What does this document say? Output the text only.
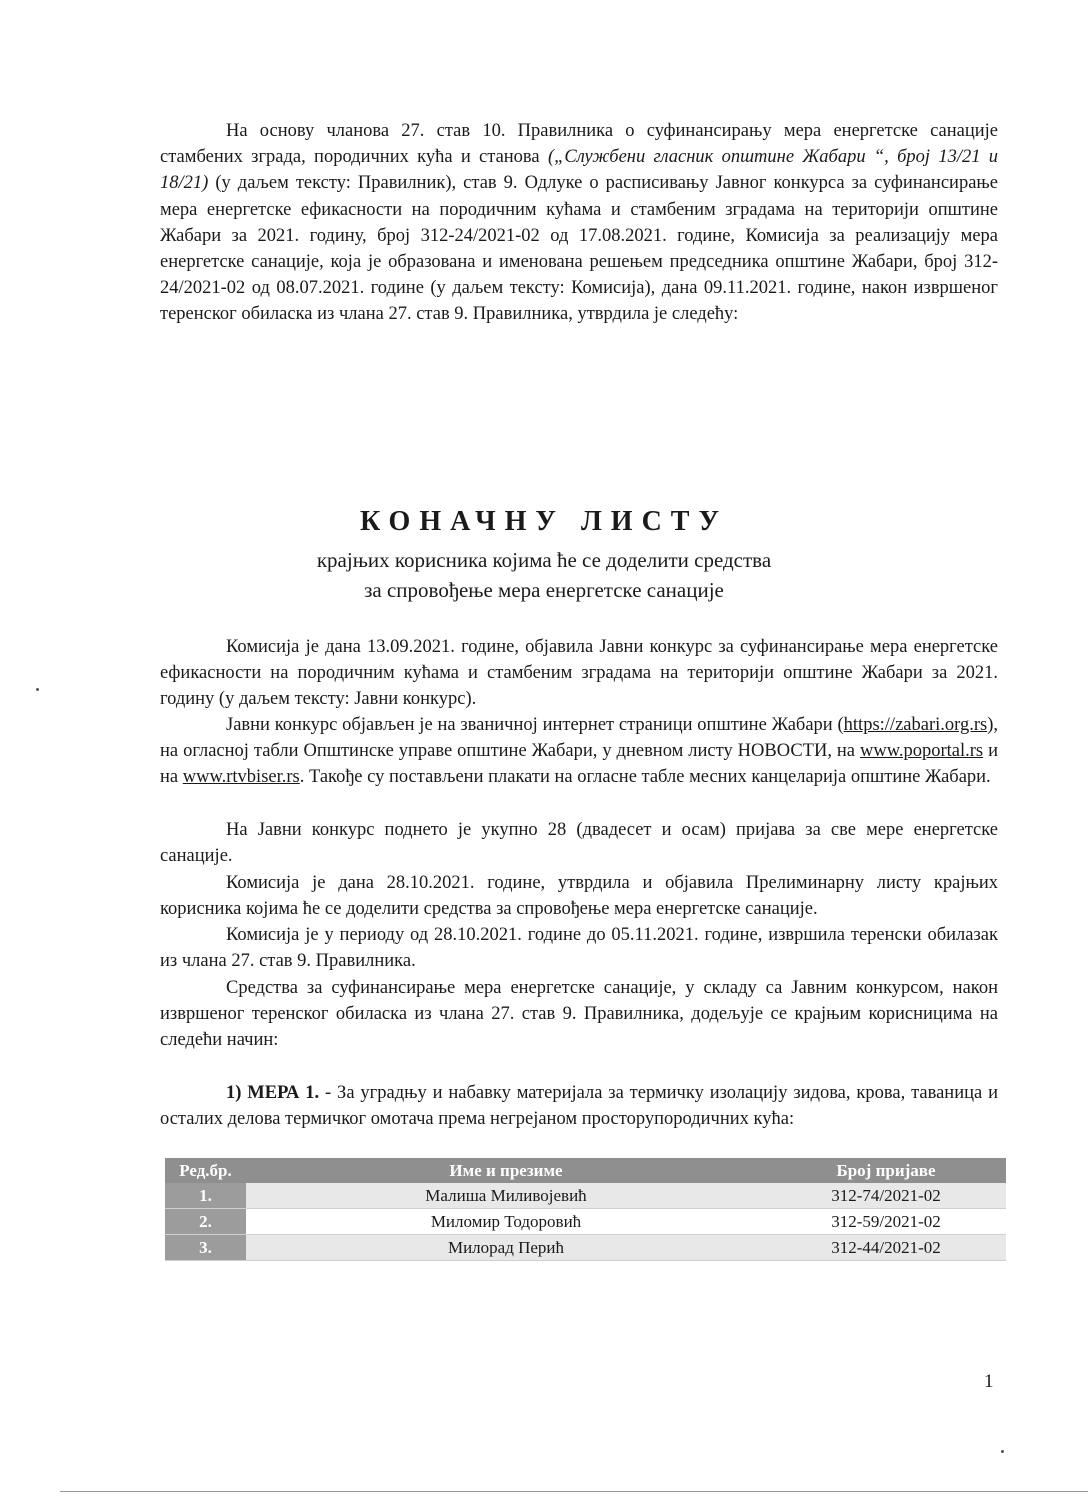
На основу чланова 27. став 10. Правилника о суфинансирању мера енергетске санације стамбених зграда, породичних кућа и станова („Службени гласник општине Жабари “, број 13/21 и 18/21) (у даљем тексту: Правилник), став 9. Одлуке о расписивању Јавног конкурса за суфинансирање мера енергетске ефикасности на породичним кућама и стамбеним зградама на територији општине Жабари за 2021. годину, број 312-24/2021-02 од 17.08.2021. године, Комисија за реализацију мера енергетске санације, која је образована и именована решењем председника општине Жабари, број 312-24/2021-02 од 08.07.2021. године (у даљем тексту: Комисија), дана 09.11.2021. године, након извршеног теренског обиласка из члана 27. став 9. Правилника, утврдила је следећу:

КОНАЧНУ ЛИСТУ

крајњих корисника којима ће се доделити средства

за спровођење мера енергетске санације

Комисија је дана 13.09.2021. године, објавила Јавни конкурс за суфинансирање мера енергетске ефикасности на породичним кућама и стамбеним зградама на територији општине Жабари за 2021. годину (у даљем тексту: Јавни конкурс).

Јавни конкурс објављен је на званичној интернет страници општине Жабари (https://zabari.org.rs), на огласној табли Општинске управе општине Жабари, у дневном листу НОВОСТИ, на www.poportal.rs и на www.rtvbiser.rs. Такође су постављени плакати на огласне табле месних канцеларија општине Жабари.

На Јавни конкурс поднето је укупно 28 (двадесет и осам) пријава за све мере енергетске санације.

Комисија је дана 28.10.2021. године, утврдила и објавила Прелиминарну листу крајњих корисника којима ће се доделити средства за спровођење мера енергетске санације.

Комисија је у периоду од 28.10.2021. године до 05.11.2021. године, извршила теренски обилазак из члана 27. став 9. Правилника.

Средства за суфинансирање мера енергетске санације, у складу са Јавним конкурсом, након извршеног теренског обиласка из члана 27. став 9. Правилника, додељује се крајњим корисницима на следећи начин:

1) МЕРА 1. - За уградњу и набавку материјала за термичку изолацију зидова, крова, таваница и осталих делова термичког омотача према негрејаном просторупородичних кућа:

Ред.бр.	Име и презиме	Број пријаве
1.	Малиша Миливојевић	312-74/2021-02
2.	Миломир Тодоровић	312-59/2021-02
3.	Милорад Перић	312-44/2021-02
1
